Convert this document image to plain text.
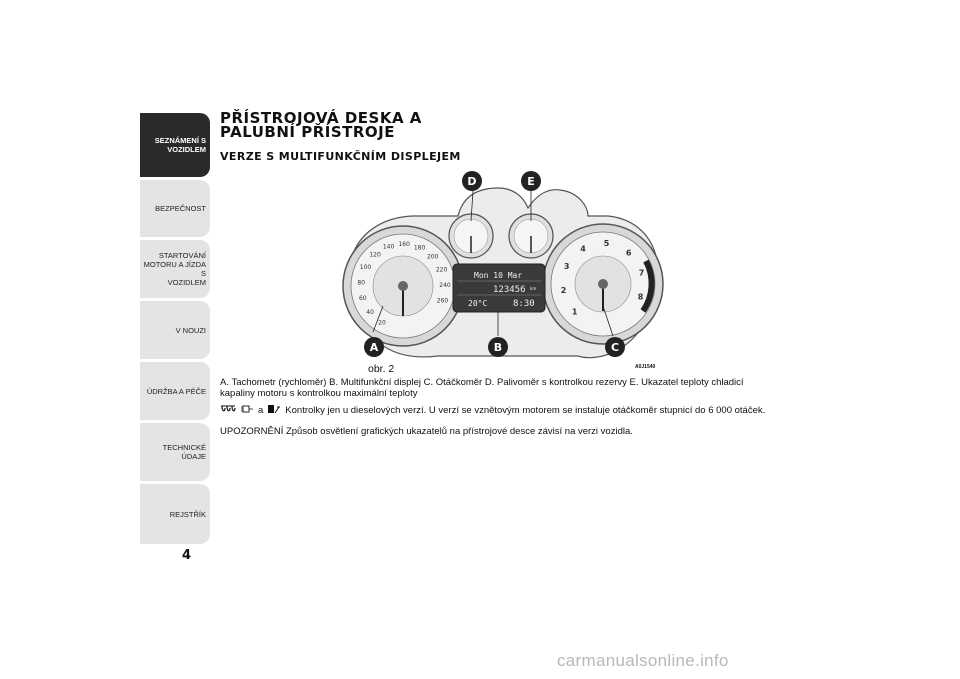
SEZNÁMENÍ S
VOZIDLEM
BEZPEČNOST
STARTOVÁNÍ
MOTORU A JÍZDA S
VOZIDLEM
V NOUZI
ÚDRŽBA A PÉČE
TECHNICKÉ ÚDAJE
REJSTŘÍK
4
PŘÍSTROJOVÁ DESKA A
PALUBNÍ PŘÍSTROJE
VERZE S MULTIFUNKČNÍM DISPLEJEM
20
40
60
80
100
120
140 160 180
200
220
240
260
1
2
3
4
5
6
7
8
Mon 10 Mar
123456 km
20°C	8:30
A	B	C
D	E
obr. 2	A0J1540

A. Tachometr (rychloměr) B. Multifunkční displej C. Otáčkoměr D. Palivoměr s kontrolkou rezervy E. Ukazatel teploty chladicí kapaliny motoru s kontrolkou maximální teploty

a Kontrolky jen u dieselových verzí. U verzí se vznětovým motorem se instaluje otáčkoměr stupnicí do 6 000 otáček.

UPOZORNĚNÍ Způsob osvětlení grafických ukazatelů na přístrojové desce závisí na verzi vozidla.

carmanualsonline.info
